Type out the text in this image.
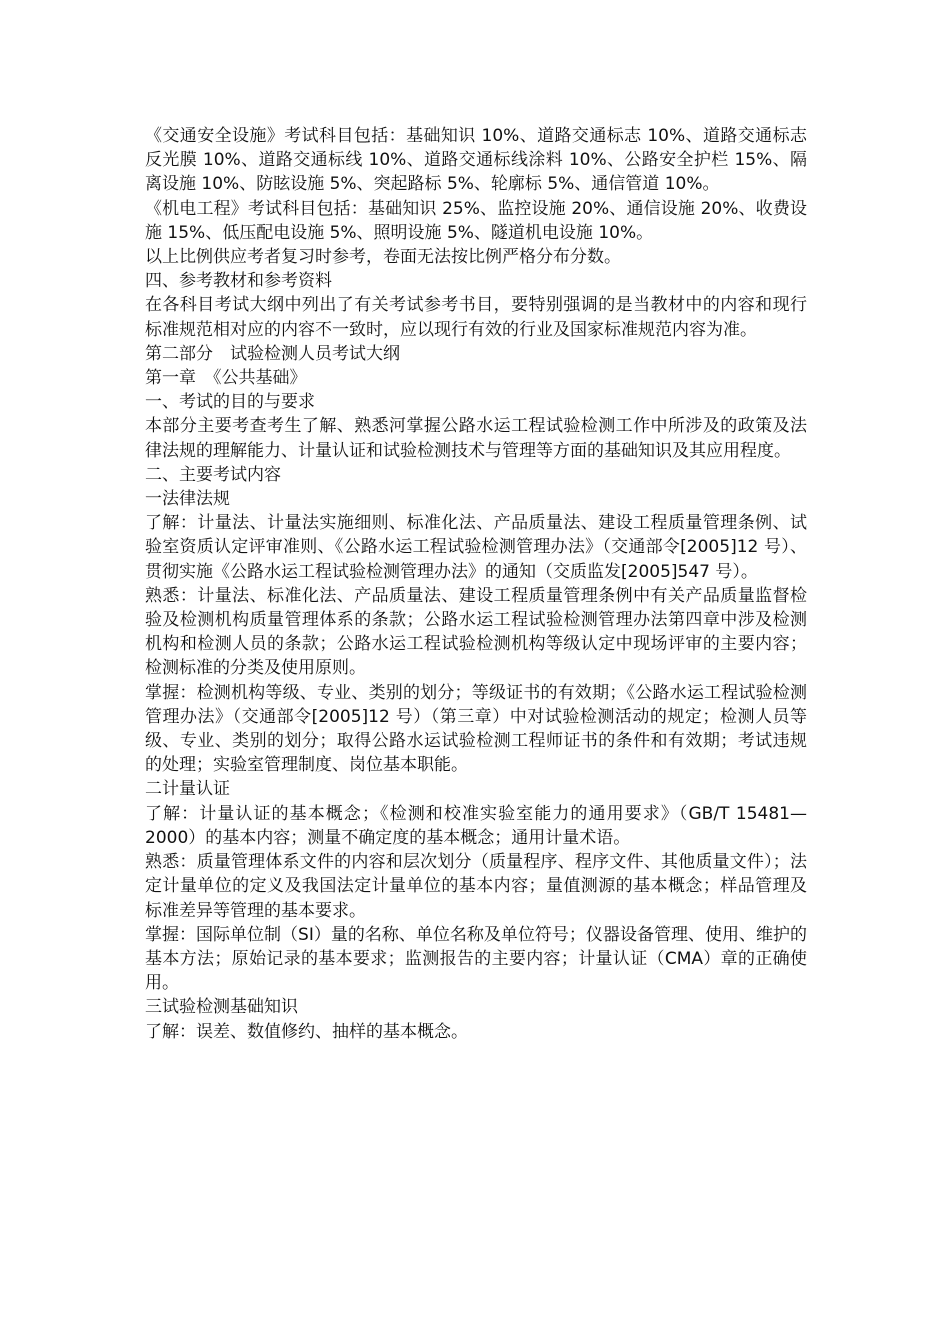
《交通安全设施》考试科目包括：基础知识 10%、道路交通标志 10%、道路交通标志反光膜 10%、道路交通标线 10%、道路交通标线涂料 10%、公路安全护栏 15%、隔离设施 10%、防眩设施 5%、突起路标 5%、轮廓标 5%、通信管道 10%。

《机电工程》考试科目包括：基础知识 25%、监控设施 20%、通信设施 20%、收费设施 15%、低压配电设施 5%、照明设施 5%、隧道机电设施 10%。

以上比例供应考者复习时参考，卷面无法按比例严格分布分数。

四、参考教材和参考资料

在各科目考试大纲中列出了有关考试参考书目，要特别强调的是当教材中的内容和现行标准规范相对应的内容不一致时，应以现行有效的行业及国家标准规范内容为准。

第二部分　试验检测人员考试大纲

第一章　《公共基础》

一、考试的目的与要求

本部分主要考查考生了解、熟悉河掌握公路水运工程试验检测工作中所涉及的政策及法律法规的理解能力、计量认证和试验检测技术与管理等方面的基础知识及其应用程度。

二、主要考试内容

一法律法规

了解：计量法、计量法实施细则、标准化法、产品质量法、建设工程质量管理条例、试验室资质认定评审准则、《公路水运工程试验检测管理办法》（交通部令[2005]12 号）、贯彻实施《公路水运工程试验检测管理办法》的通知（交质监发[2005]547 号）。

熟悉：计量法、标准化法、产品质量法、建设工程质量管理条例中有关产品质量监督检验及检测机构质量管理体系的条款；公路水运工程试验检测管理办法第四章中涉及检测机构和检测人员的条款；公路水运工程试验检测机构等级认定中现场评审的主要内容；检测标准的分类及使用原则。

掌握：检测机构等级、专业、类别的划分；等级证书的有效期；《公路水运工程试验检测管理办法》（交通部令[2005]12 号）（第三章）中对试验检测活动的规定；检测人员等级、专业、类别的划分；取得公路水运试验检测工程师证书的条件和有效期；考试违规的处理；实验室管理制度、岗位基本职能。

二计量认证

了解：计量认证的基本概念；《检测和校准实验室能力的通用要求》（GB/T 15481—2000）的基本内容；测量不确定度的基本概念；通用计量术语。

熟悉：质量管理体系文件的内容和层次划分（质量程序、程序文件、其他质量文件）；法定计量单位的定义及我国法定计量单位的基本内容；量值测源的基本概念；样品管理及标准差异等管理的基本要求。

掌握：国际单位制（SI）量的名称、单位名称及单位符号；仪器设备管理、使用、维护的基本方法；原始记录的基本要求；监测报告的主要内容；计量认证（CMA）章的正确使用。

三试验检测基础知识

了解：误差、数值修约、抽样的基本概念。
